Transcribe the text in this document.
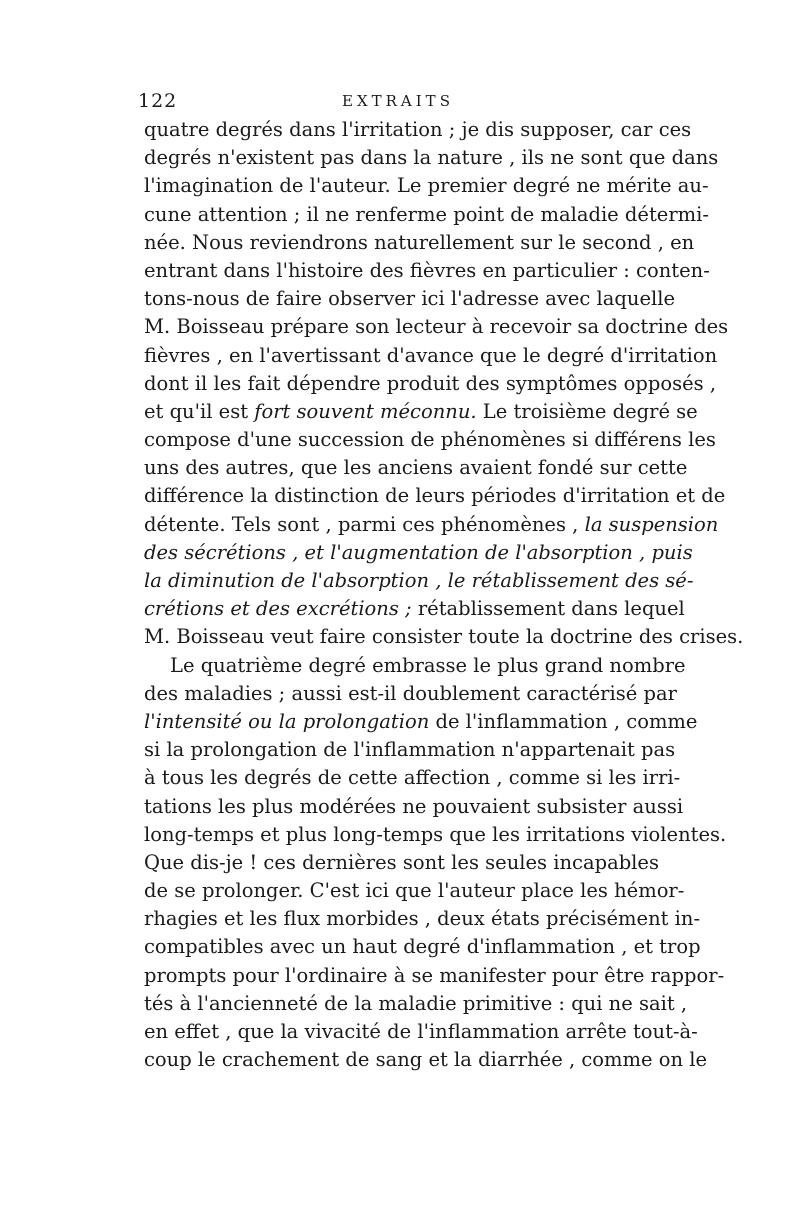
122	EXTRAITS
quatre degrés dans l'irritation ; je dis supposer, car ces
degrés n'existent pas dans la nature , ils ne sont que dans
l'imagination de l'auteur. Le premier degré ne mérite au-
cune attention ; il ne renferme point de maladie détermi-
née. Nous reviendrons naturellement sur le second , en
entrant dans l'histoire des fièvres en particulier : conten-
tons-nous de faire observer ici l'adresse avec laquelle
M. Boisseau prépare son lecteur à recevoir sa doctrine des
fièvres , en l'avertissant d'avance que le degré d'irritation
dont il les fait dépendre produit des symptômes opposés ,
et qu'il est fort souvent méconnu. Le troisième degré se
compose d'une succession de phénomènes si différens les
uns des autres, que les anciens avaient fondé sur cette
différence la distinction de leurs périodes d'irritation et de
détente. Tels sont , parmi ces phénomènes , la suspension
des sécrétions , et l'augmentation de l'absorption , puis
la diminution de l'absorption , le rétablissement des sé-
crétions et des excrétions ; rétablissement dans lequel
M. Boisseau veut faire consister toute la doctrine des crises.
Le quatrième degré embrasse le plus grand nombre
des maladies ; aussi est-il doublement caractérisé par
l'intensité ou la prolongation de l'inflammation , comme
si la prolongation de l'inflammation n'appartenait pas
à tous les degrés de cette affection , comme si les irri-
tations les plus modérées ne pouvaient subsister aussi
long-temps et plus long-temps que les irritations violentes.
Que dis-je ! ces dernières sont les seules incapables
de se prolonger. C'est ici que l'auteur place les hémor-
rhagies et les flux morbides , deux états précisément in-
compatibles avec un haut degré d'inflammation , et trop
prompts pour l'ordinaire à se manifester pour être rappor-
tés à l'ancienneté de la maladie primitive : qui ne sait ,
en effet , que la vivacité de l'inflammation arrête tout-à-
coup le crachement de sang et la diarrhée , comme on le
